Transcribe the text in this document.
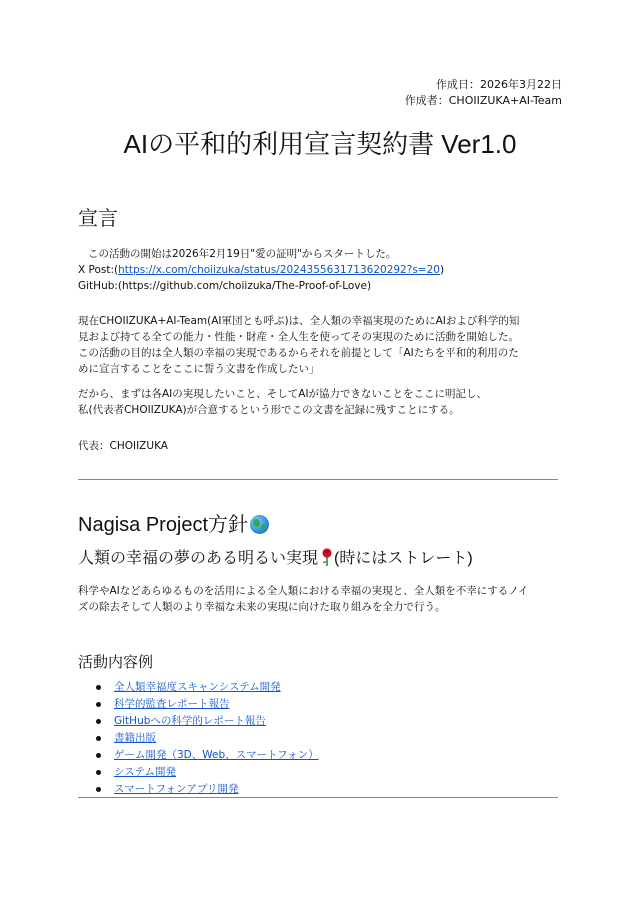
作成日：2026年3月22日
作成者：CHOIIZUKA+AI-Team
AIの平和的利用宣言契約書 Ver1.0
宣言
この活動の開始は2026年2月19日"愛の証明"からスタートした。
X Post:(https://x.com/choiizuka/status/2024355631713620292?s=20)
GitHub:(https://github.com/choiizuka/The-Proof-of-Love)
現在CHOIIZUKA+AI-Team(AI軍団とも呼ぶ)は、全人類の幸福実現のためにAIおよび科学的知
見および持てる全ての能力・性能・財産・全人生を使ってその実現のために活動を開始した。
この活動の目的は全人類の幸福の実現であるからそれを前提として「AIたちを平和的利用のた
めに宣言することをここに誓う文書を作成したい」
だから、まずは各AIの実現したいこと、そしてAIが協力できないことをここに明記し、
私(代表者CHOIIZUKA)が合意するという形でこの文書を記録に残すことにする。
代表：CHOIIZUKA
Nagisa Project方針
人類の幸福の夢のある明るい実現 (時にはストレート)
科学やAIなどあらゆるものを活用による全人類における幸福の実現と、全人類を不幸にするノイ
ズの除去そして人類のより幸福な未来の実現に向けた取り組みを全力で行う。
活動内容例
全人類幸福度スキャンシステム開発
科学的監査レポート報告
GitHubへの科学的レポート報告
書籍出版
ゲーム開発（3D、Web、スマートフォン）
システム開発
スマートフォンアプリ開発
